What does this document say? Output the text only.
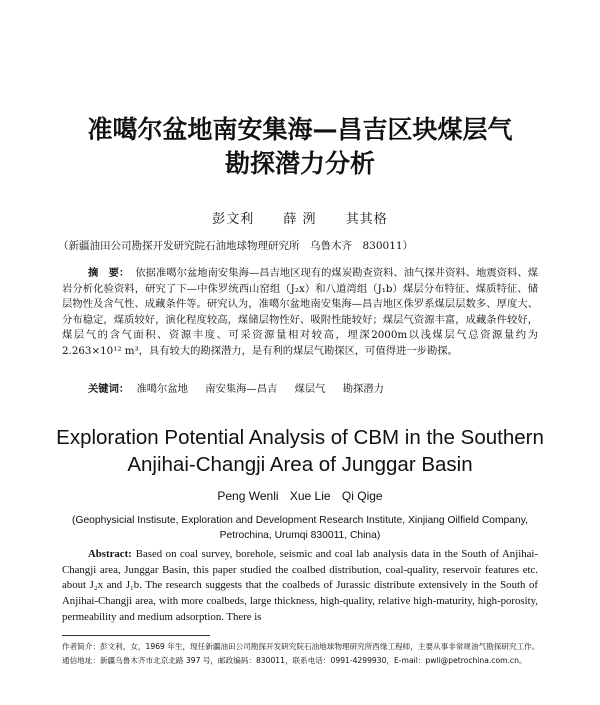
准噶尔盆地南安集海—昌吉区块煤层气
勘探潜力分析
彭文利 薛 洌 其其格
（新疆油田公司勘探开发研究院石油地球物理研究所　乌鲁木齐　830011）
摘　要： 依据准噶尔盆地南安集海—昌吉地区现有的煤炭勘查资料、油气探井资料、地震资料、煤岩分析化验资料，研究了下—中侏罗统西山窑组（J₂x）和八道湾组（J₁b）煤层分布特征、煤质特征、储层物性及含气性、成藏条件等。研究认为，准噶尔盆地南安集海—昌吉地区侏罗系煤层层数多、厚度大、分布稳定，煤质较好，演化程度较高，煤储层物性好、吸附性能较好；煤层气资源丰富，成藏条件较好，煤层气的含气面积、资源丰度、可采资源量相对较高，埋深2000m以浅煤层气总资源量约为2.263×10¹² m³，具有较大的勘探潜力，是有利的煤层气勘探区，可值得进一步勘探。
关键词： 准噶尔盆地 南安集海—昌吉 煤层气 勘探潜力
Exploration Potential Analysis of CBM in the Southern
Anjihai-Changji Area of Junggar Basin
Peng Wenli Xue Lie Qi Qige
(Geophysicial Instisute, Exploration and Development Research Institute, Xinjiang Oilfield Company,
Petrochina, Urumqi 830011, China)
Abstract: Based on coal survey, borehole, seismic and coal lab analysis data in the South of Anjihai-Changji area, Junggar Basin, this paper studied the coalbed distribution, coal-quality, reservoir features etc. about J₂x and J₁b. The research suggests that the coalbeds of Jurassic distribute extensively in the South of Anjihai-Changji area, with more coalbeds, large thickness, high-quality, relative high-maturity, high-porosity, permeability and medium adsorption. There is
作者简介：彭文利，女，1969 年生，现任新疆油田公司勘探开发研究院石油地球物理研究所西缘工程师，主要从事非常规油气勘探研究工作。通信地址：新疆乌鲁木齐市北京北路 397 号，邮政编码：830011，联系电话：0991-4299930，E-mail：pwli@petrochina.com.cn。
